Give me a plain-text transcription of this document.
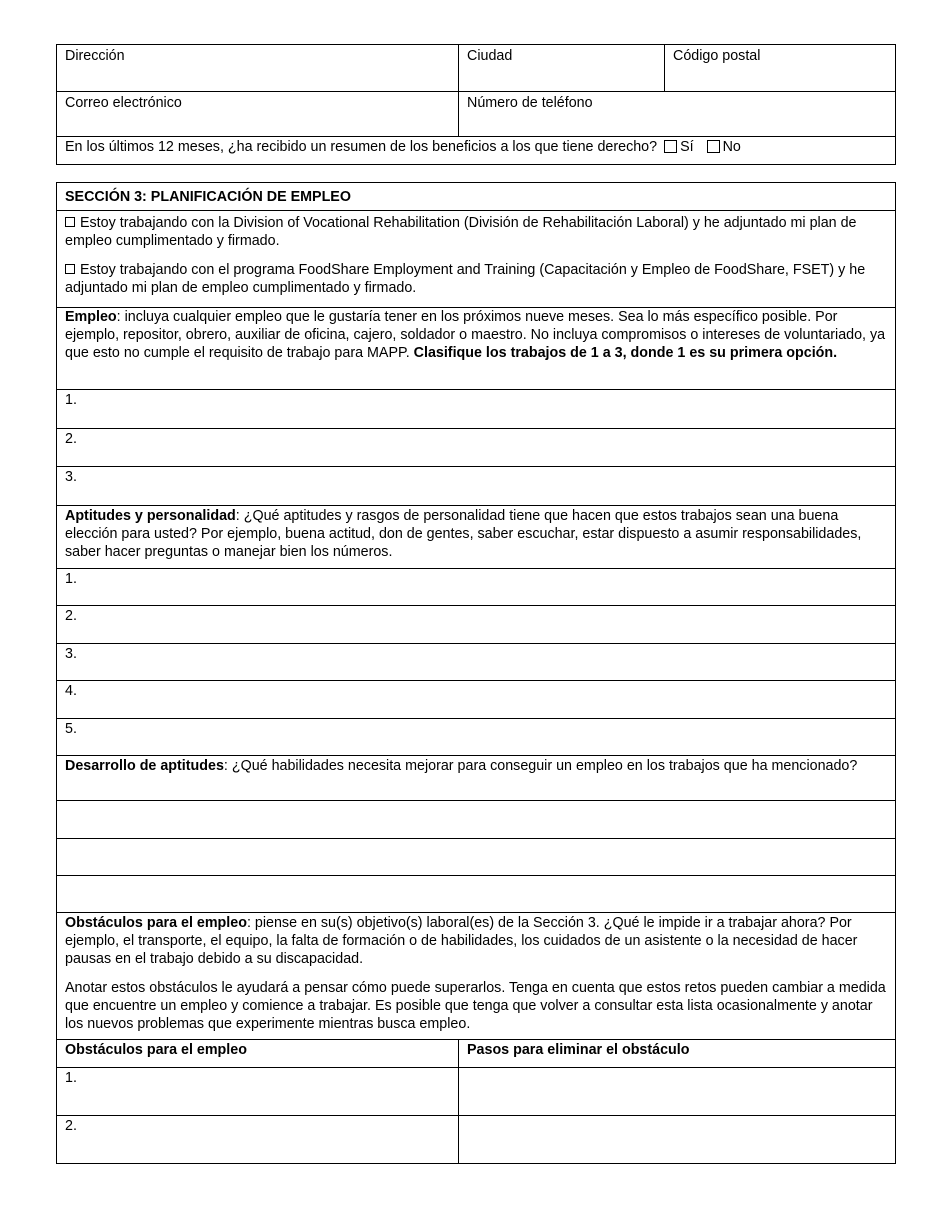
Dirección	Ciudad	Código postal

Correo electrónico	Número de teléfono	

En los últimos 12 meses, ¿ha recibido un resumen de los beneficios a los que tiene derecho? Sí No		
SECCIÓN 3: PLANIFICACIÓN DE EMPLEO	

Estoy trabajando con la Division of Vocational Rehabilitation (División de Rehabilitación Laboral) y he adjuntado mi plan de empleo cumplimentado y firmado.

Estoy trabajando con el programa FoodShare Employment and Training (Capacitación y Empleo de FoodShare, FSET) y he adjuntado mi plan de empleo cumplimentado y firmado.	

Empleo: incluya cualquier empleo que le gustaría tener en los próximos nueve meses. Sea lo más específico posible. Por ejemplo, repositor, obrero, auxiliar de oficina, cajero, soldador o maestro. No incluya compromisos o intereses de voluntariado, ya que esto no cumple el requisito de trabajo para MAPP. Clasifique los trabajos de 1 a 3, donde 1 es su primera opción.	
1.	
2.	
3.	
Aptitudes y personalidad: ¿Qué aptitudes y rasgos de personalidad tiene que hacen que estos trabajos sean una buena elección para usted? Por ejemplo, buena actitud, don de gentes, saber escuchar, estar dispuesto a asumir responsabilidades, saber hacer preguntas o manejar bien los números.	
1.	
2.	
3.	
4.	
5.	
Desarrollo de aptitudes: ¿Qué habilidades necesita mejorar para conseguir un empleo en los trabajos que ha mencionado?	

Obstáculos para el empleo: piense en su(s) objetivo(s) laboral(es) de la Sección 3. ¿Qué le impide ir a trabajar ahora? Por ejemplo, el transporte, el equipo, la falta de formación o de habilidades, los cuidados de un asistente o la necesidad de hacer pausas en el trabajo debido a su discapacidad.

Anotar estos obstáculos le ayudará a pensar cómo puede superarlos. Tenga en cuenta que estos retos pueden cambiar a medida que encuentre un empleo y comience a trabajar. Es posible que tenga que volver a consultar esta lista ocasionalmente y anotar los nuevos problemas que experimente mientras busca empleo.	

Obstáculos para el empleo	Pasos para eliminar el obstáculo
1.	
2.	
